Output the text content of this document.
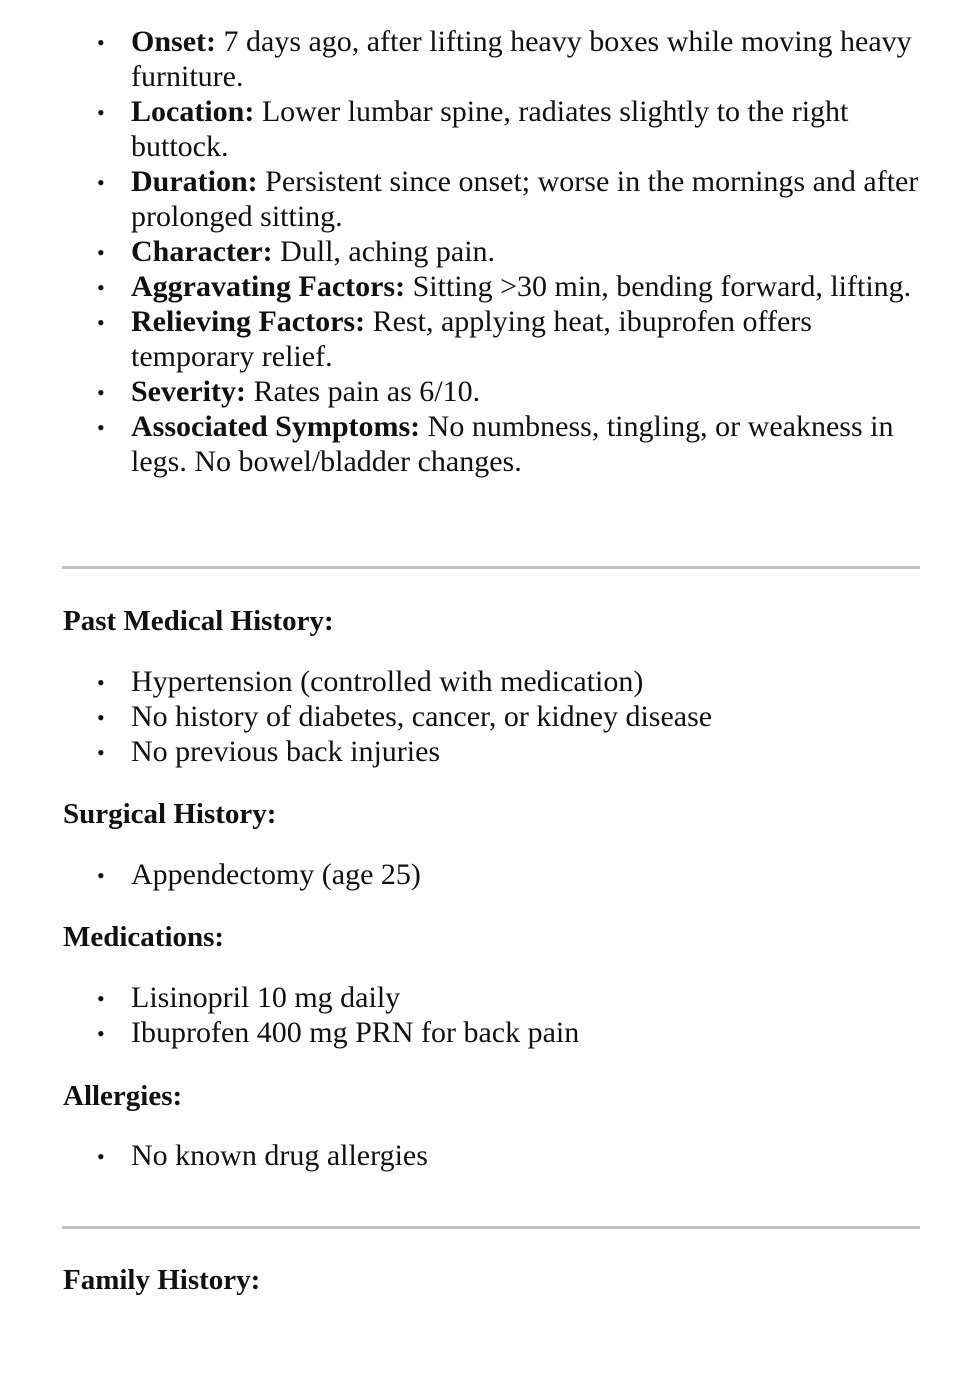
• Onset: 7 days ago, after lifting heavy boxes while moving heavy furniture.
• Location: Lower lumbar spine, radiates slightly to the right buttock.
• Duration: Persistent since onset; worse in the mornings and after prolonged sitting.
• Character: Dull, aching pain.
• Aggravating Factors: Sitting >30 min, bending forward, lifting.
• Relieving Factors: Rest, applying heat, ibuprofen offers temporary relief.
• Severity: Rates pain as 6/10.
• Associated Symptoms: No numbness, tingling, or weakness in legs. No bowel/bladder changes.
Past Medical History:
• Hypertension (controlled with medication)
• No history of diabetes, cancer, or kidney disease
• No previous back injuries
Surgical History:
• Appendectomy (age 25)
Medications:
• Lisinopril 10 mg daily
• Ibuprofen 400 mg PRN for back pain
Allergies:
• No known drug allergies
Family History:
